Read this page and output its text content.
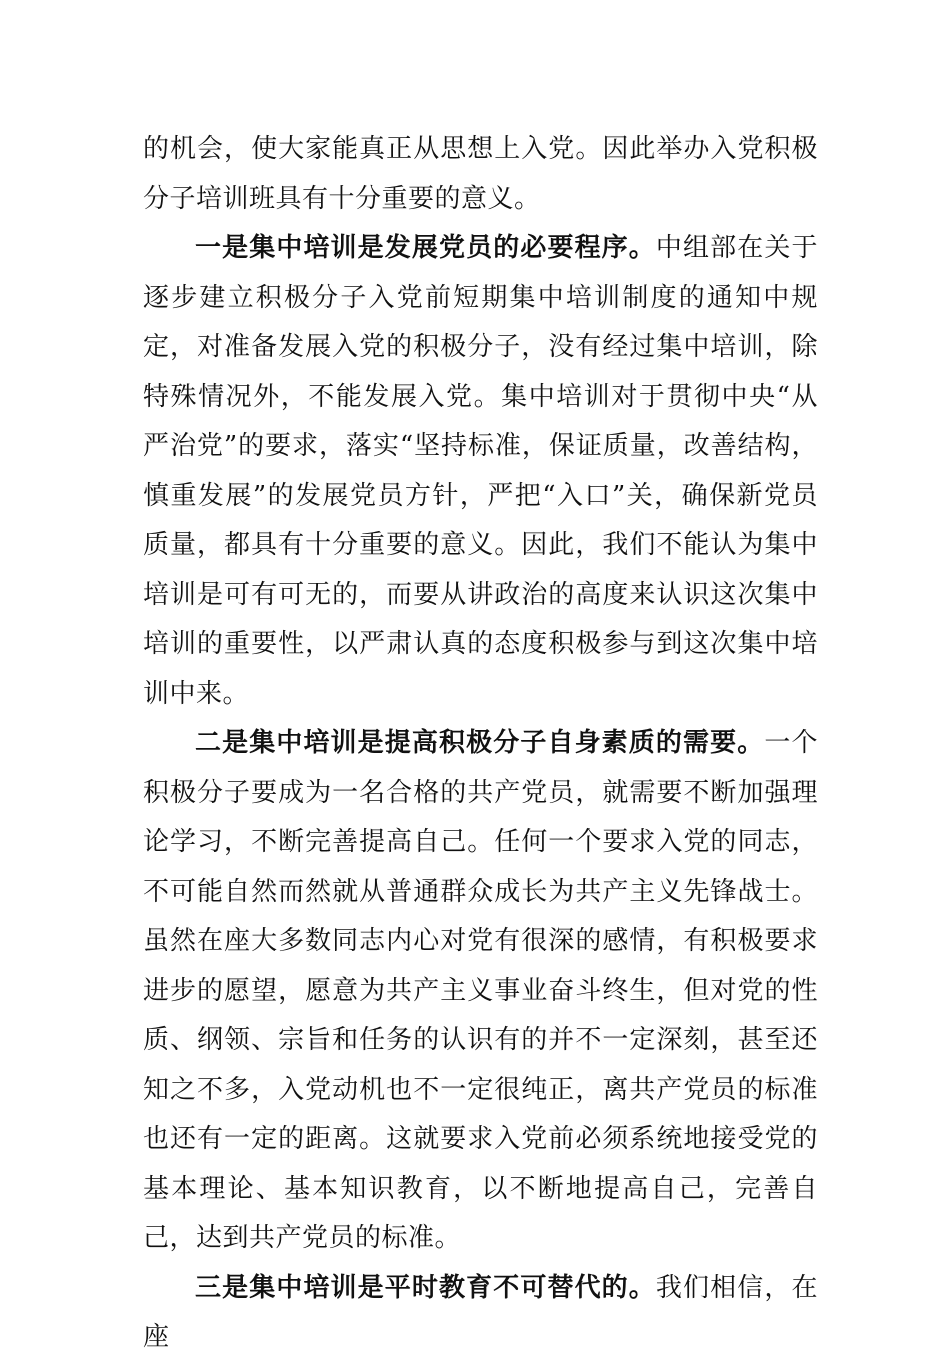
的机会，使大家能真正从思想上入党。因此举办入党积极分子培训班具有十分重要的意义。

一是集中培训是发展党员的必要程序。中组部在关于逐步建立积极分子入党前短期集中培训制度的通知中规定，对准备发展入党的积极分子，没有经过集中培训，除特殊情况外，不能发展入党。集中培训对于贯彻中央“从严治党”的要求，落实“坚持标准，保证质量，改善结构，慎重发展”的发展党员方针，严把“入口”关，确保新党员质量，都具有十分重要的意义。因此，我们不能认为集中培训是可有可无的，而要从讲政治的高度来认识这次集中培训的重要性，以严肃认真的态度积极参与到这次集中培训中来。

二是集中培训是提高积极分子自身素质的需要。一个积极分子要成为一名合格的共产党员，就需要不断加强理论学习，不断完善提高自己。任何一个要求入党的同志，不可能自然而然就从普通群众成长为共产主义先锋战士。虽然在座大多数同志内心对党有很深的感情，有积极要求进步的愿望，愿意为共产主义事业奋斗终生，但对党的性质、纲领、宗旨和任务的认识有的并不一定深刻，甚至还知之不多，入党动机也不一定很纯正，离共产党员的标准也还有一定的距离。这就要求入党前必须系统地接受党的基本理论、基本知识教育，以不断地提高自己，完善自己，达到共产党员的标准。

三是集中培训是平时教育不可替代的。我们相信，在座
